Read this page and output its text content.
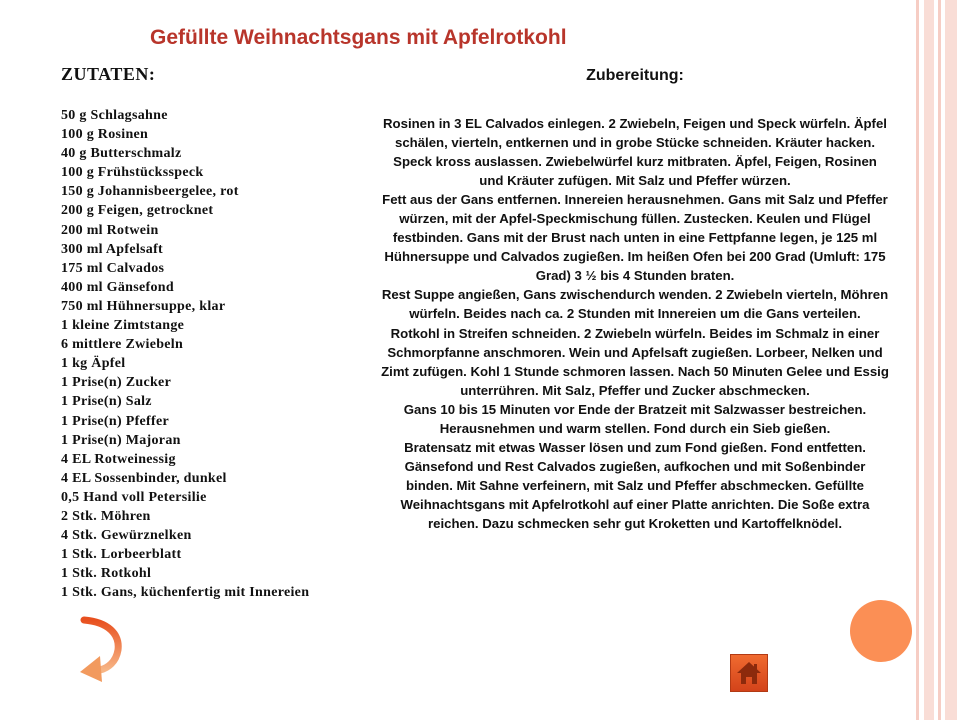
Gefüllte Weihnachtsgans mit Apfelrotkohl
ZUTATEN:
50 g Schlagsahne
100 g Rosinen
40 g Butterschmalz
100 g Frühstücksspeck
150 g Johannisbeergelee, rot
200 g Feigen, getrocknet
200 ml Rotwein
300 ml Apfelsaft
175 ml Calvados
400 ml Gänsefond
750 ml Hühnersuppe, klar
1 kleine Zimtstange
6 mittlere Zwiebeln
1 kg Äpfel
1 Prise(n) Zucker
1 Prise(n) Salz
1 Prise(n) Pfeffer
1 Prise(n) Majoran
4 EL Rotweinessig
4 EL Sossenbinder, dunkel
0,5 Hand voll Petersilie
2 Stk. Möhren
4 Stk. Gewürznelken
1 Stk. Lorbeerblatt
1 Stk. Rotkohl
1 Stk. Gans, küchenfertig mit Innereien
Zubereitung:

Rosinen in 3 EL Calvados einlegen. 2 Zwiebeln, Feigen und Speck würfeln. Äpfel schälen, vierteln, entkernen und in grobe Stücke schneiden. Kräuter hacken. Speck kross auslassen. Zwiebelwürfel kurz mitbraten. Äpfel, Feigen, Rosinen und Kräuter zufügen. Mit Salz und Pfeffer würzen.

Fett aus der Gans entfernen. Innereien herausnehmen. Gans mit Salz und Pfeffer würzen, mit der Apfel-Speckmischung füllen. Zustecken. Keulen und Flügel festbinden. Gans mit der Brust nach unten in eine Fettpfanne legen, je 125 ml Hühnersuppe und Calvados zugießen. Im heißen Ofen bei 200 Grad (Umluft: 175 Grad) 3 ½ bis 4 Stunden braten.

Rest Suppe angießen, Gans zwischendurch wenden. 2 Zwiebeln vierteln, Möhren würfeln. Beides nach ca. 2 Stunden mit Innereien um die Gans verteilen.

Rotkohl in Streifen schneiden. 2 Zwiebeln würfeln. Beides im Schmalz in einer Schmorpfanne anschmoren. Wein und Apfelsaft zugießen. Lorbeer, Nelken und Zimt zufügen. Kohl 1 Stunde schmoren lassen. Nach 50 Minuten Gelee und Essig unterrühren. Mit Salz, Pfeffer und Zucker abschmecken.

Gans 10 bis 15 Minuten vor Ende der Bratzeit mit Salzwasser bestreichen. Herausnehmen und warm stellen. Fond durch ein Sieb gießen.

Bratensatz mit etwas Wasser lösen und zum Fond gießen. Fond entfetten. Gänsefond und Rest Calvados zugießen, aufkochen und mit Soßenbinder binden. Mit Sahne verfeinern, mit Salz und Pfeffer abschmecken. Gefüllte Weihnachtsgans mit Apfelrotkohl auf einer Platte anrichten. Die Soße extra reichen. Dazu schmecken sehr gut Kroketten und Kartoffelknödel.
